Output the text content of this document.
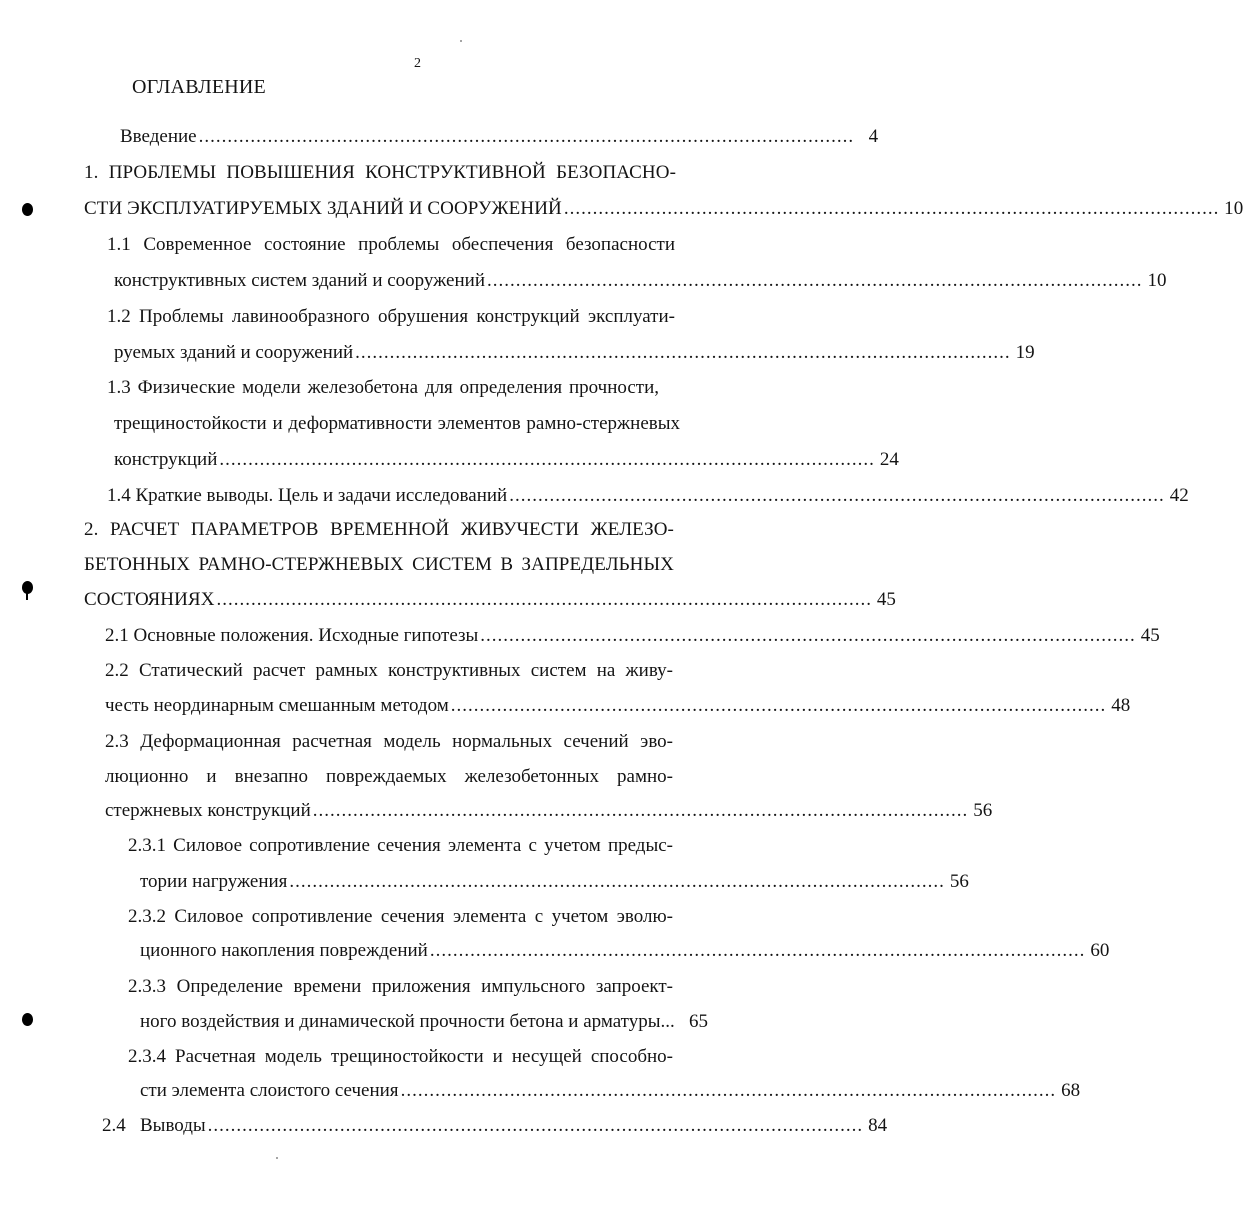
2
ОГЛАВЛЕНИЕ
Введение .................................................................................................................. 4
1. ПРОБЛЕМЫ ПОВЫШЕНИЯ КОНСТРУКТИВНОЙ БЕЗОПАСНО-
СТИ ЭКСПЛУАТИРУЕМЫХ ЗДАНИЙ И СООРУЖЕНИЙ .................................................................................................................. 10
1.1 Современное состояние проблемы обеспечения безопасности
конструктивных систем зданий и сооружений .................................................................................................................. 10
1.2 Проблемы лавинообразного обрушения конструкций эксплуати-
руемых зданий и сооружений .................................................................................................................. 19
1.3 Физические модели железобетона для определения прочности,
трещиностойкости и деформативности элементов рамно-стержневых
конструкций .................................................................................................................. 24
1.4 Краткие выводы. Цель и задачи исследований .................................................................................................................. 42
2. РАСЧЕТ ПАРАМЕТРОВ ВРЕМЕННОЙ ЖИВУЧЕСТИ ЖЕЛЕЗО-
БЕТОННЫХ РАМНО-СТЕРЖНЕВЫХ СИСТЕМ В ЗАПРЕДЕЛЬНЫХ
СОСТОЯНИЯХ .................................................................................................................. 45
2.1 Основные положения. Исходные гипотезы .................................................................................................................. 45
2.2 Статический расчет рамных конструктивных систем на живу-
честь неординарным смешанным методом .................................................................................................................. 48
2.3 Деформационная расчетная модель нормальных сечений эво-
люционно и внезапно повреждаемых железобетонных рамно-
стержневых конструкций .................................................................................................................. 56
2.3.1 Силовое сопротивление сечения элемента с учетом предыс-
тории нагружения .................................................................................................................. 56
2.3.2 Силовое сопротивление сечения элемента с учетом эволю-
ционного накопления повреждений .................................................................................................................. 60
2.3.3 Определение времени приложения импульсного запроект-
ного воздействия и динамической прочности бетона и арматуры... 65
2.3.4 Расчетная модель трещиностойкости и несущей способно-
сти элемента слоистого сечения .................................................................................................................. 68
2.4   Выводы .................................................................................................................. 84
